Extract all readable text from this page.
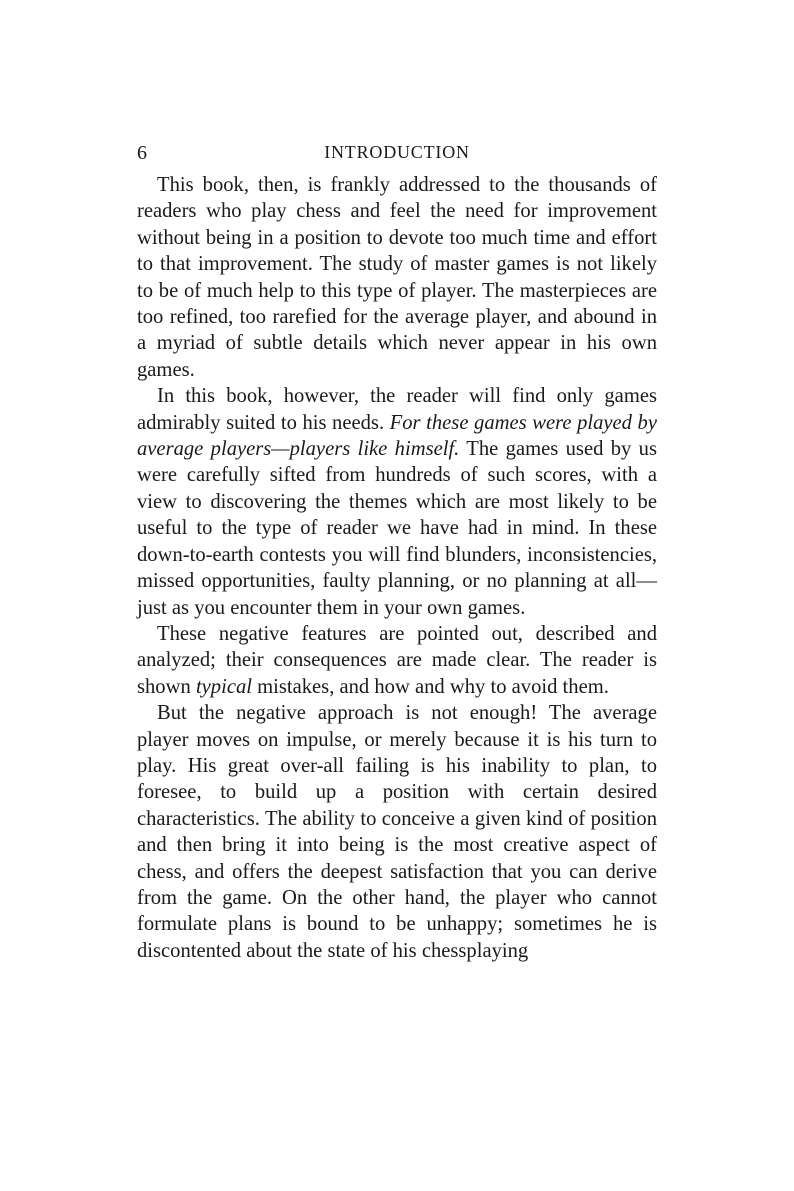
6	INTRODUCTION

This book, then, is frankly addressed to the thousands of readers who play chess and feel the need for improvement without being in a position to devote too much time and effort to that improvement. The study of master games is not likely to be of much help to this type of player. The masterpieces are too refined, too rarefied for the average player, and abound in a myriad of subtle details which never appear in his own games.

In this book, however, the reader will find only games admirably suited to his needs. For these games were played by average players—players like himself. The games used by us were carefully sifted from hundreds of such scores, with a view to discovering the themes which are most likely to be useful to the type of reader we have had in mind. In these down-to-earth contests you will find blunders, inconsistencies, missed opportunities, faulty planning, or no planning at all—just as you encounter them in your own games.

These negative features are pointed out, described and analyzed; their consequences are made clear. The reader is shown typical mistakes, and how and why to avoid them.

But the negative approach is not enough! The average player moves on impulse, or merely because it is his turn to play. His great over-all failing is his inability to plan, to foresee, to build up a position with certain desired characteristics. The ability to conceive a given kind of position and then bring it into being is the most creative aspect of chess, and offers the deepest satisfaction that you can derive from the game. On the other hand, the player who cannot formulate plans is bound to be unhappy; sometimes he is discontented about the state of his chessplaying
